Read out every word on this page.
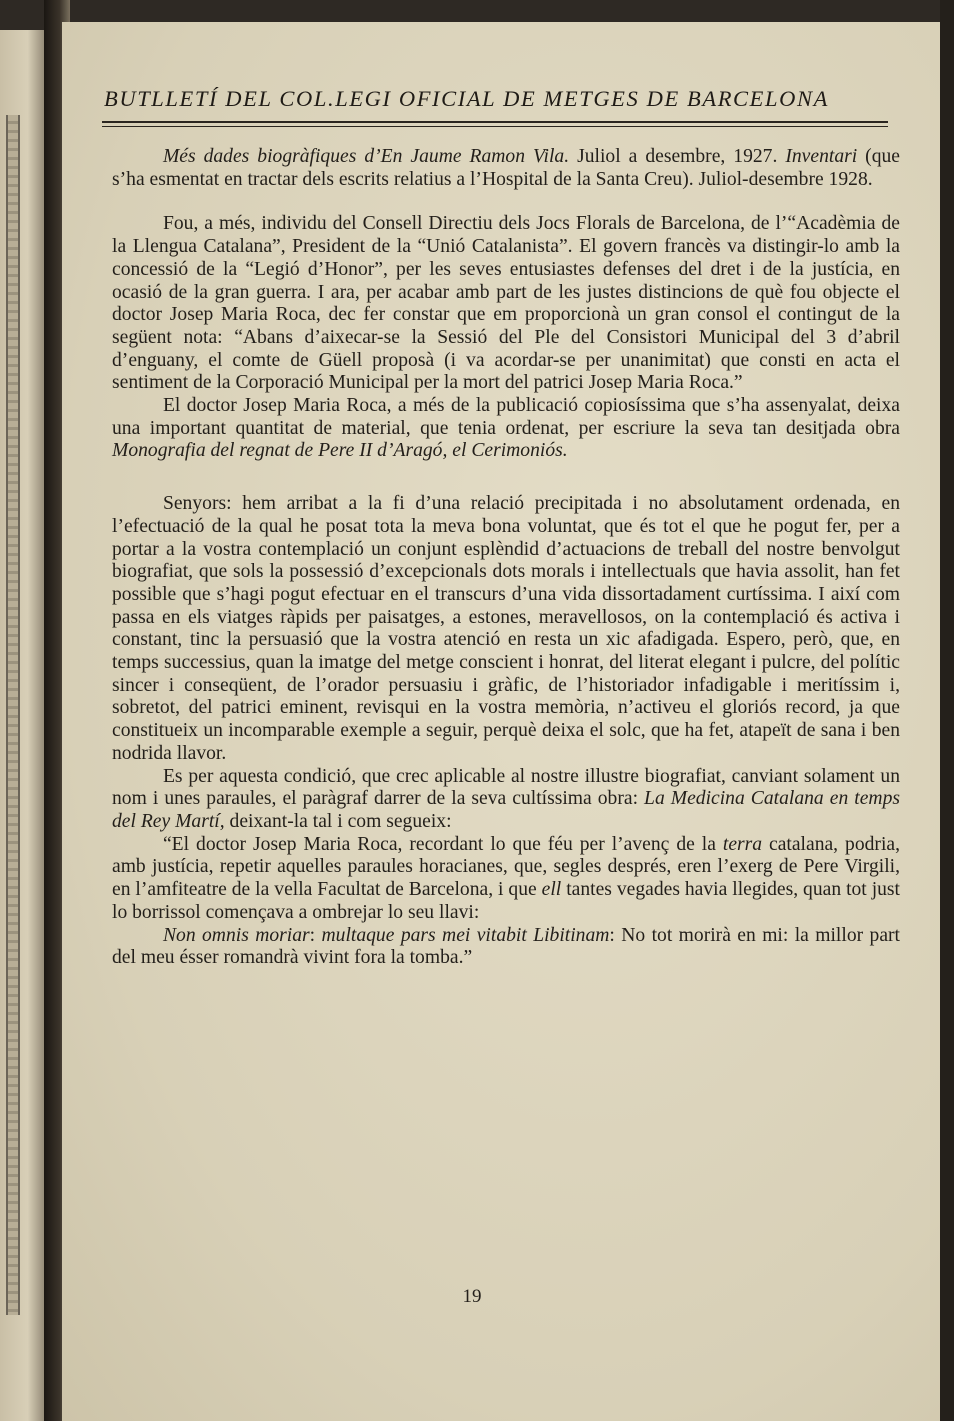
BUTLLETÍ DEL COL.LEGI OFICIAL DE METGES DE BARCELONA

Més dades biogràfiques d’En Jaume Ramon Vila. Juliol a desembre, 1927. Inventari (que s’ha esmentat en tractar dels escrits relatius a l’Hospital de la Santa Creu). Juliol-desembre 1928.

Fou, a més, individu del Consell Directiu dels Jocs Florals de Barcelona, de l’“Acadèmia de la Llengua Catalana”, President de la “Unió Catalanista”. El govern francès va distingir-lo amb la concessió de la “Legió d’Honor”, per les seves entusiastes defenses del dret i de la justícia, en ocasió de la gran guerra. I ara, per acabar amb part de les justes distincions de què fou objecte el doctor Josep Maria Roca, dec fer constar que em proporcionà un gran consol el contingut de la següent nota: “Abans d’aixecar-se la Sessió del Ple del Consistori Municipal del 3 d’abril d’enguany, el comte de Güell proposà (i va acordar-se per unanimitat) que consti en acta el sentiment de la Corporació Municipal per la mort del patrici Josep Maria Roca.”

El doctor Josep Maria Roca, a més de la publicació copiosíssima que s’ha assenyalat, deixa una important quantitat de material, que tenia ordenat, per escriure la seva tan desitjada obra Monografia del regnat de Pere II d’Aragó, el Cerimoniós.

Senyors: hem arribat a la fi d’una relació precipitada i no absolutament ordenada, en l’efectuació de la qual he posat tota la meva bona voluntat, que és tot el que he pogut fer, per a portar a la vostra contemplació un conjunt esplèndid d’actuacions de treball del nostre benvolgut biografiat, que sols la possessió d’excepcionals dots morals i intellectuals que havia assolit, han fet possible que s’hagi pogut efectuar en el transcurs d’una vida dissortadament curtíssima. I així com passa en els viatges ràpids per paisatges, a estones, meravellosos, on la contemplació és activa i constant, tinc la persuasió que la vostra atenció en resta un xic afadigada. Espero, però, que, en temps successius, quan la imatge del metge conscient i honrat, del literat elegant i pulcre, del polític sincer i conseqüent, de l’orador persuasiu i gràfic, de l’historiador infadigable i meritíssim i, sobretot, del patrici eminent, revisqui en la vostra memòria, n’activeu el gloriós record, ja que constitueix un incomparable exemple a seguir, perquè deixa el solc, que ha fet, atapeït de sana i ben nodrida llavor.

Es per aquesta condició, que crec aplicable al nostre illustre biografiat, canviant solament un nom i unes paraules, el paràgraf darrer de la seva cultíssima obra: La Medicina Catalana en temps del Rey Martí, deixant-la tal i com segueix:

“El doctor Josep Maria Roca, recordant lo que féu per l’avenç de la terra catalana, podria, amb justícia, repetir aquelles paraules horacianes, que, segles després, eren l’exerg de Pere Virgili, en l’amfiteatre de la vella Facultat de Barcelona, i que ell tantes vegades havia llegides, quan tot just lo borrissol començava a ombrejar lo seu llavi:

Non omnis moriar: multaque pars mei vitabit Libitinam: No tot morirà en mi: la millor part del meu ésser romandrà vivint fora la tomba.”

19
